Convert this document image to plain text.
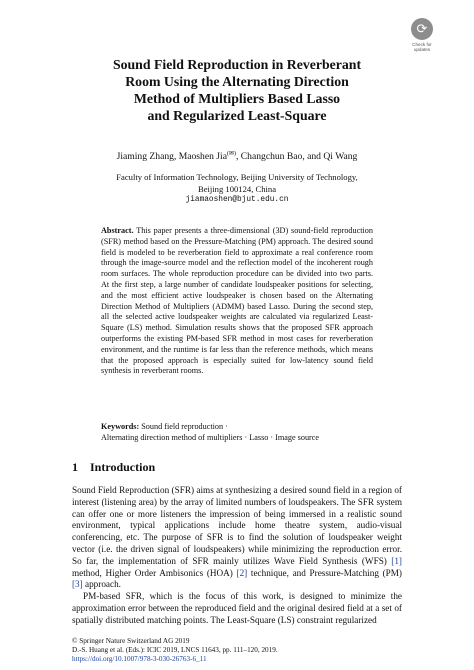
⟳
Check for
updates
Sound Field Reproduction in Reverberant
Room Using the Alternating Direction
Method of Multipliers Based Lasso
and Regularized Least-Square
Jiaming Zhang, Maoshen Jia(✉), Changchun Bao, and Qi Wang
Faculty of Information Technology, Beijing University of Technology,
Beijing 100124, China
jiamaoshen@bjut.edu.cn
Abstract. This paper presents a three-dimensional (3D) sound-field reproduction (SFR) method based on the Pressure-Matching (PM) approach. The desired sound field is modeled to be reverberation field to approximate a real conference room through the image-source model and the reflection model of the incoherent rough room surfaces. The whole reproduction procedure can be divided into two parts. At the first step, a large number of candidate loudspeaker positions for selecting, and the most efficient active loudspeaker is chosen based on the Alternating Direction Method of Multipliers (ADMM) based Lasso. During the second step, all the selected active loudspeaker weights are calculated via regularized Least-Square (LS) method. Simulation results shows that the proposed SFR approach outperforms the existing PM-based SFR method in most cases for reverberation environment, and the runtime is far less than the reference methods, which means that the proposed approach is especially suited for low-latency sound field synthesis in reverberant rooms.
Keywords: Sound field reproduction ·
Alternating direction method of multipliers · Lasso · Image source
1 Introduction

Sound Field Reproduction (SFR) aims at synthesizing a desired sound field in a region of interest (listening area) by the array of limited numbers of loudspeakers. The SFR system can offer one or more listeners the impression of being immersed in a realistic sound environment, typical applications include home theatre system, audio-visual conferencing, etc. The purpose of SFR is to find the solution of loudspeaker weight vector (i.e. the driven signal of loudspeakers) while minimizing the reproduction error. So far, the implementation of SFR mainly utilizes Wave Field Synthesis (WFS) [1] method, Higher Order Ambisonics (HOA) [2] technique, and Pressure-Matching (PM) [3] approach.

PM-based SFR, which is the focus of this work, is designed to minimize the approximation error between the reproduced field and the original desired field at a set of spatially distributed matching points. The Least-Square (LS) constraint regularized

© Springer Nature Switzerland AG 2019
D.-S. Huang et al. (Eds.): ICIC 2019, LNCS 11643, pp. 111–120, 2019.
https://doi.org/10.1007/978-3-030-26763-6_11
